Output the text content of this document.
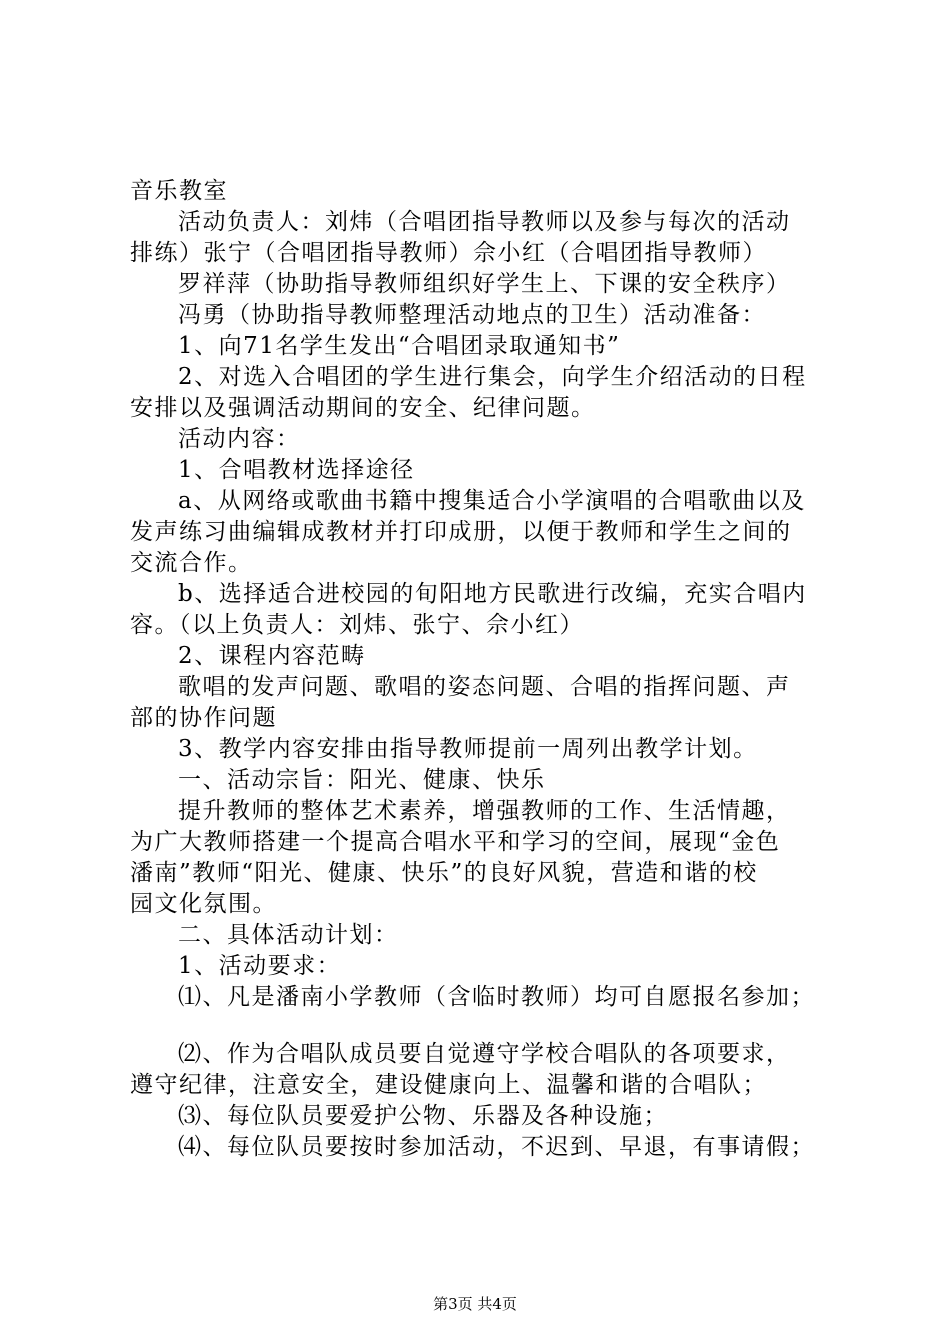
音乐教室
活动负责人：刘炜（合唱团指导教师以及参与每次的活动
排练）张宁（合唱团指导教师）佘小红（合唱团指导教师）
罗祥萍（协助指导教师组织好学生上、下课的安全秩序）
冯勇（协助指导教师整理活动地点的卫生）活动准备：
1、向71名学生发出“合唱团录取通知书”
2、对选入合唱团的学生进行集会，向学生介绍活动的日程
安排以及强调活动期间的安全、纪律问题。
活动内容：
1、合唱教材选择途径
a、从网络或歌曲书籍中搜集适合小学演唱的合唱歌曲以及
发声练习曲编辑成教材并打印成册，以便于教师和学生之间的
交流合作。
b、选择适合进校园的旬阳地方民歌进行改编，充实合唱内
容。（以上负责人：刘炜、张宁、佘小红）
2、课程内容范畴
歌唱的发声问题、歌唱的姿态问题、合唱的指挥问题、声
部的协作问题
3、教学内容安排由指导教师提前一周列出教学计划。
一、活动宗旨：阳光、健康、快乐
提升教师的整体艺术素养，增强教师的工作、生活情趣，
为广大教师搭建一个提高合唱水平和学习的空间，展现“金色
潘南”教师“阳光、健康、快乐”的良好风貌，营造和谐的校
园文化氛围。
二、具体活动计划：
1、活动要求：
⑴、凡是潘南小学教师（含临时教师）均可自愿报名参加；
⑵、作为合唱队成员要自觉遵守学校合唱队的各项要求，
遵守纪律，注意安全，建设健康向上、温馨和谐的合唱队；
⑶、每位队员要爱护公物、乐器及各种设施；
⑷、每位队员要按时参加活动，不迟到、早退，有事请假；
第3页 共4页
